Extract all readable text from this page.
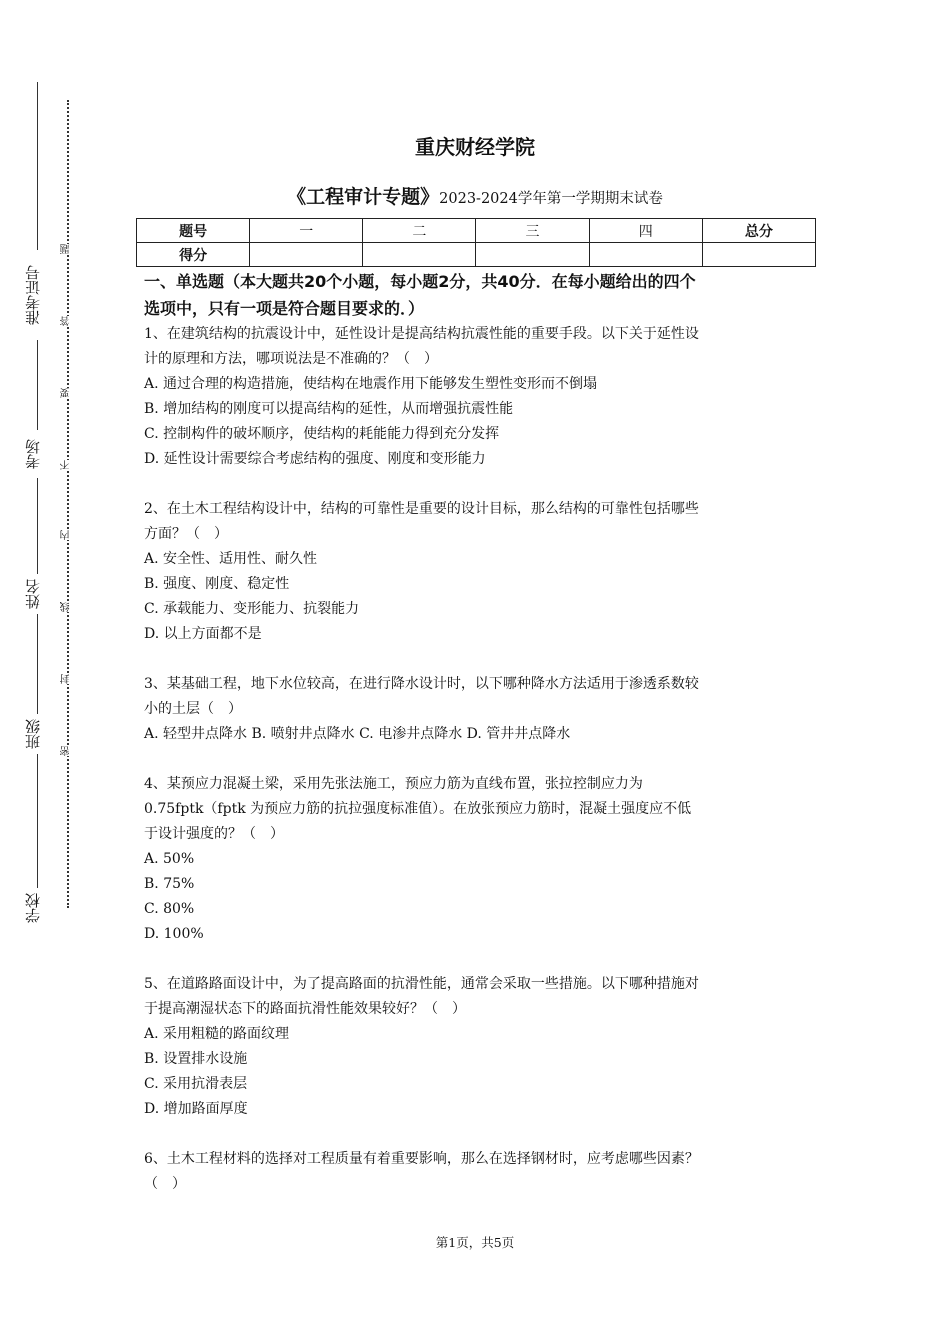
准考证号
考场
姓名
班级
学校
题
答
要
不
内
线
封
密
重庆财经学院
《工程审计专题》2023-2024学年第一学期期末试卷
题号	一	二	三	四	总分
得分					

一、单选题（本大题共20个小题，每小题2分，共40分．在每小题给出的四个

选项中，只有一项是符合题目要求的．）

1、在建筑结构的抗震设计中，延性设计是提高结构抗震性能的重要手段。以下关于延性设

计的原理和方法，哪项说法是不准确的？（　）

A. 通过合理的构造措施，使结构在地震作用下能够发生塑性变形而不倒塌

B. 增加结构的刚度可以提高结构的延性，从而增强抗震性能

C. 控制构件的破坏顺序，使结构的耗能能力得到充分发挥

D. 延性设计需要综合考虑结构的强度、刚度和变形能力

2、在土木工程结构设计中，结构的可靠性是重要的设计目标，那么结构的可靠性包括哪些

方面？（　）

A. 安全性、适用性、耐久性

B. 强度、刚度、稳定性

C. 承载能力、变形能力、抗裂能力

D. 以上方面都不是

3、某基础工程，地下水位较高，在进行降水设计时，以下哪种降水方法适用于渗透系数较

小的土层（　）

A. 轻型井点降水 B. 喷射井点降水 C. 电渗井点降水 D. 管井井点降水

4、某预应力混凝土梁，采用先张法施工，预应力筋为直线布置，张拉控制应力为

0.75fptk（fptk 为预应力筋的抗拉强度标准值）。在放张预应力筋时，混凝土强度应不低

于设计强度的？（　）

A. 50%

B. 75%

C. 80%

D. 100%

5、在道路路面设计中，为了提高路面的抗滑性能，通常会采取一些措施。以下哪种措施对

于提高潮湿状态下的路面抗滑性能效果较好？（　）

A. 采用粗糙的路面纹理

B. 设置排水设施

C. 采用抗滑表层

D. 增加路面厚度

6、土木工程材料的选择对工程质量有着重要影响，那么在选择钢材时，应考虑哪些因素？

（　）

第1页，共5页
